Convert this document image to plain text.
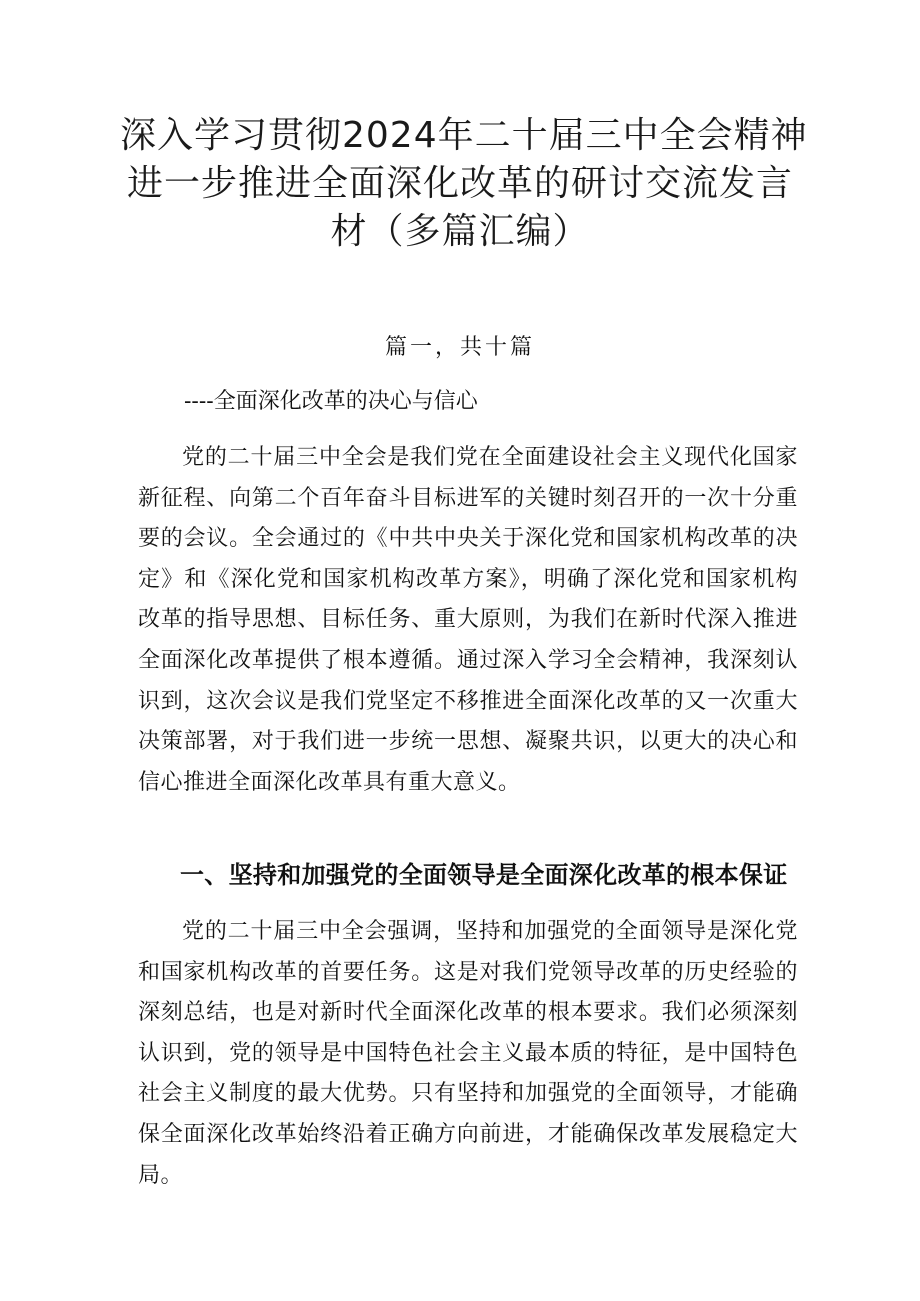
深入学习贯彻2024年二十届三中全会精神
进一步推进全面深化改革的研讨交流发言
材（多篇汇编）
篇一，共十篇
----全面深化改革的决心与信心

党的二十届三中全会是我们党在全面建设社会主义现代化国家新征程、向第二个百年奋斗目标进军的关键时刻召开的一次十分重要的会议。全会通过的《中共中央关于深化党和国家机构改革的决定》和《深化党和国家机构改革方案》，明确了深化党和国家机构改革的指导思想、目标任务、重大原则，为我们在新时代深入推进全面深化改革提供了根本遵循。通过深入学习全会精神，我深刻认识到，这次会议是我们党坚定不移推进全面深化改革的又一次重大决策部署，对于我们进一步统一思想、凝聚共识，以更大的决心和信心推进全面深化改革具有重大意义。

一、坚持和加强党的全面领导是全面深化改革的根本保证

党的二十届三中全会强调，坚持和加强党的全面领导是深化党和国家机构改革的首要任务。这是对我们党领导改革的历史经验的深刻总结，也是对新时代全面深化改革的根本要求。我们必须深刻认识到，党的领导是中国特色社会主义最本质的特征，是中国特色社会主义制度的最大优势。只有坚持和加强党的全面领导，才能确保全面深化改革始终沿着正确方向前进，才能确保改革发展稳定大局。
